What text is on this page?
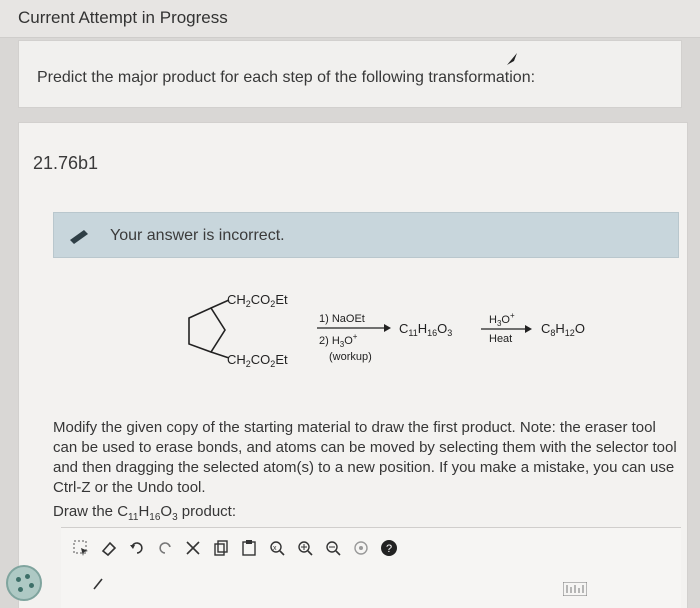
Current Attempt in Progress
Predict the major product for each step of the following transformation:
21.76b1
Your answer is incorrect.
$CH_2CO_2Et$
$CH_2CO_2Et$
1) NaOEt
2) $H_3O^+$
(workup)
$C_{11}H_{16}O_3$
$H_3O^+$
Heat
$C_8H_{12}O$
Modify the given copy of the starting material to draw the first product. Note: the eraser tool can be used to erase bonds, and atoms can be moved by selecting them with the selector tool and then dragging the selected atom(s) to a new position. If you make a mistake, you can use Ctrl-Z or the Undo tool.
Draw the $C_{11}H_{16}O_3$ product:
x	?
